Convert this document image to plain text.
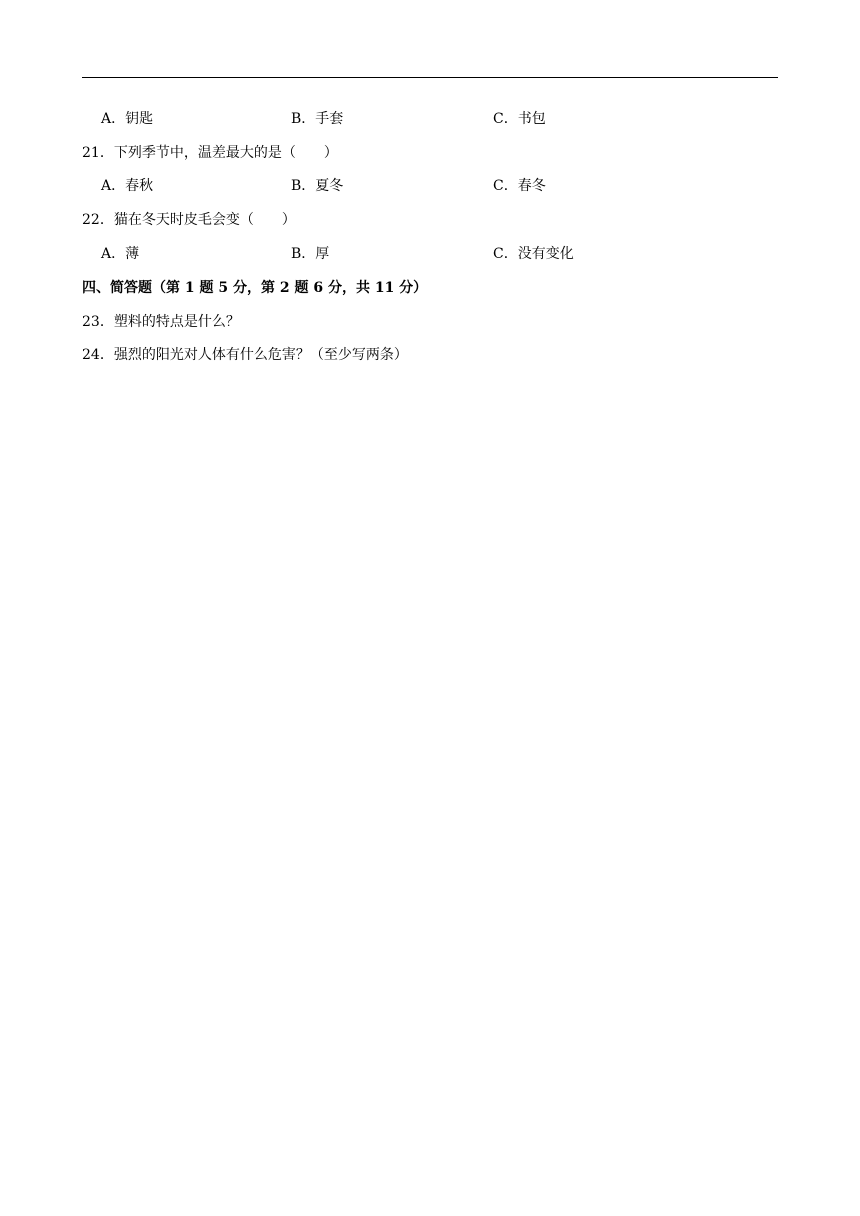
A．钥匙	B．手套	C．书包
21．下列季节中，温差最大的是（　　）
A．春秋	B．夏冬	C．春冬
22．猫在冬天时皮毛会变（　　）
A．薄	B．厚	C．没有变化
四、简答题（第 1 题 5 分，第 2 题 6 分，共 11 分）
23．塑料的特点是什么？
24．强烈的阳光对人体有什么危害？（至少写两条）
